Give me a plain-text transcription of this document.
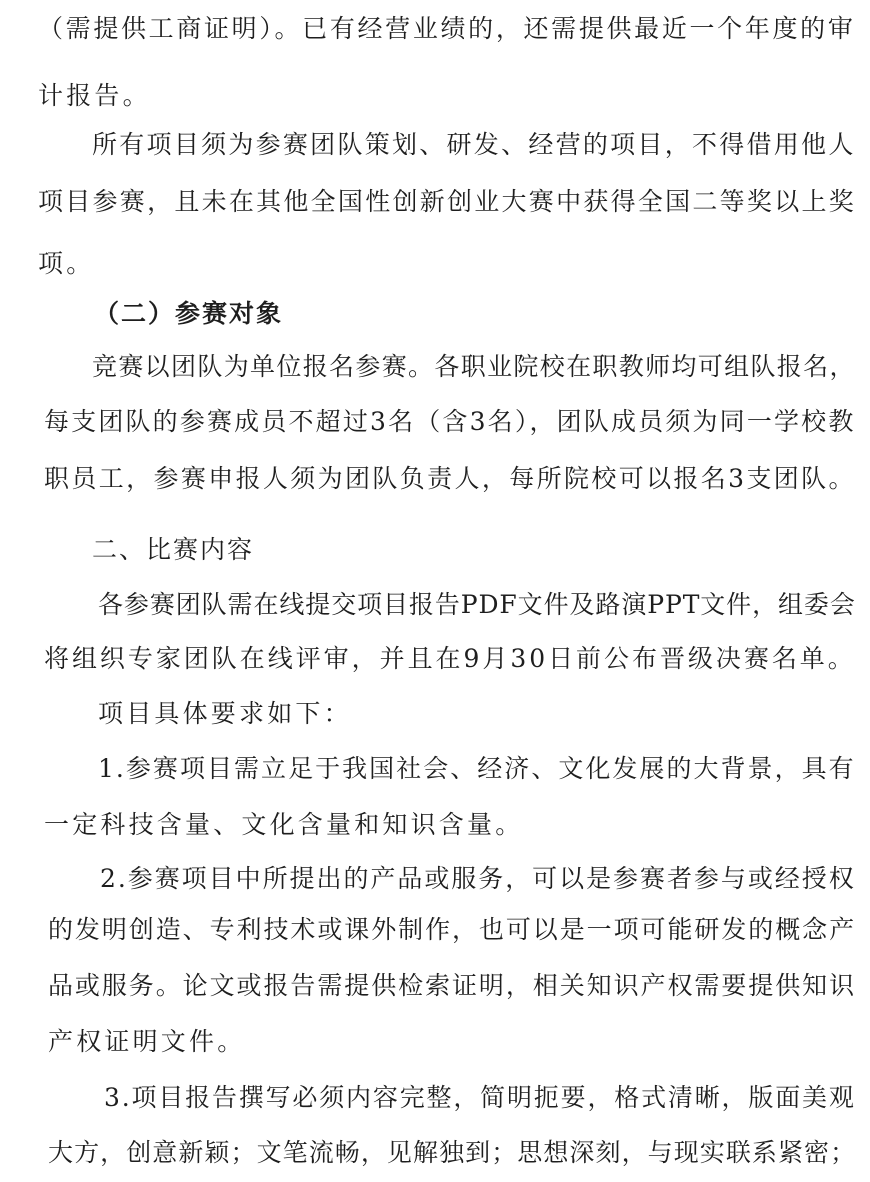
（需提供工商证明）。已有经营业绩的，还需提供最近一个年度的审
计报告。
所有项目须为参赛团队策划、研发、经营的项目，不得借用他人
项目参赛，且未在其他全国性创新创业大赛中获得全国二等奖以上奖
项。
（二）参赛对象
竞赛以团队为单位报名参赛。各职业院校在职教师均可组队报名，
每支团队的参赛成员不超过3名（含3名），团队成员须为同一学校教
职员工，参赛申报人须为团队负责人，每所院校可以报名3支团队。
二、比赛内容
各参赛团队需在线提交项目报告PDF文件及路演PPT文件，组委会
将组织专家团队在线评审，并且在9月30日前公布晋级决赛名单。
项目具体要求如下：
1.参赛项目需立足于我国社会、经济、文化发展的大背景，具有
一定科技含量、文化含量和知识含量。
2.参赛项目中所提出的产品或服务，可以是参赛者参与或经授权
的发明创造、专利技术或课外制作，也可以是一项可能研发的概念产
品或服务。论文或报告需提供检索证明，相关知识产权需要提供知识
产权证明文件。
3.项目报告撰写必须内容完整，简明扼要，格式清晰，版面美观
大方，创意新颖；文笔流畅，见解独到；思想深刻，与现实联系紧密；
